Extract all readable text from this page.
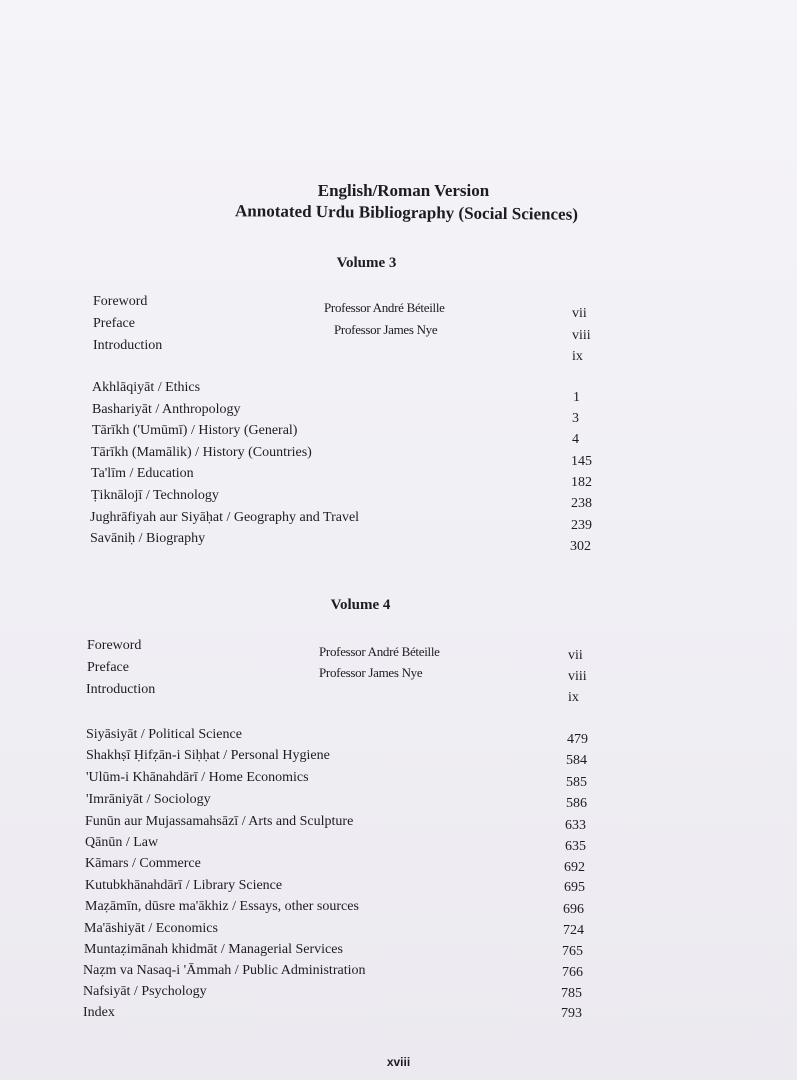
English/Roman Version
Annotated Urdu Bibliography (Social Sciences)
Volume 3
Foreword
Preface
Introduction
Professor André Béteille
Professor James Nye
vii
viii
ix
Akhlāqiyāt / Ethics
Bashariyāt / Anthropology
Tārīkh ('Umūmī) / History (General)
Tārīkh (Mamālik) / History (Countries)
Ta'līm / Education
Ṭiknālojī / Technology
Jughrāfiyah aur Siyāḥat / Geography and Travel
Savāniḥ / Biography
1
3
4
145
182
238
239
302
Volume 4
Foreword
Preface
Introduction
Professor André Béteille
Professor James Nye
vii
viii
ix
Siyāsiyāt / Political Science
Shakhṣī Ḥifẓān-i Siḥḥat / Personal Hygiene
'Ulūm-i Khānahdārī / Home Economics
'Imrāniyāt / Sociology
Funūn aur Mujassamahsāzī / Arts and Sculpture
Qānūn / Law
Kāmars / Commerce
Kutubkhānahdārī / Library Science
Maẓāmīn, dūsre ma'ākhiz / Essays, other sources
Ma'āshiyāt / Economics
Muntaẓimānah khidmāt / Managerial Services
Naẓm va Nasaq-i 'Āmmah / Public Administration
Nafsiyāt / Psychology
Index
479
584
585
586
633
635
692
695
696
724
765
766
785
793
xviii
